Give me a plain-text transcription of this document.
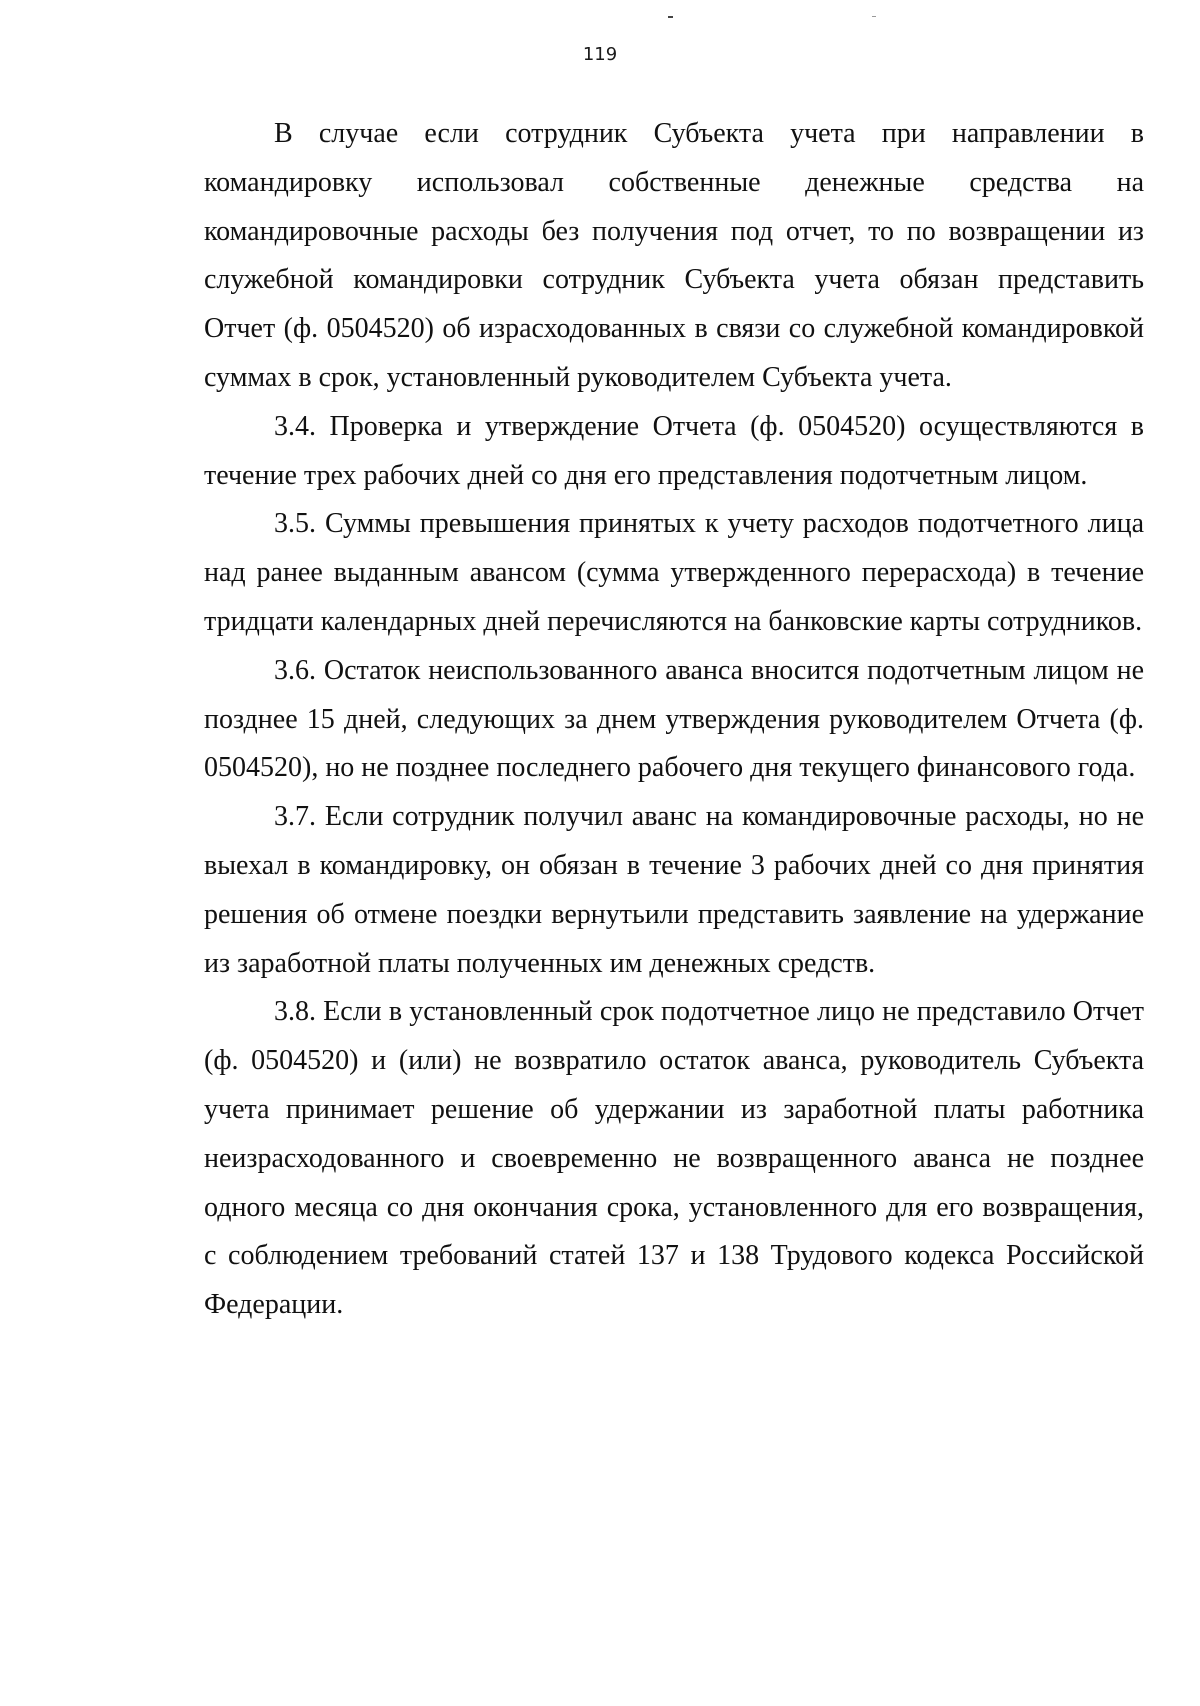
119

В случае если сотрудник Субъекта учета при направлении в командировку использовал собственные денежные средства на командировочные расходы без получения под отчет, то по возвращении из служебной командировки сотрудник Субъекта учета обязан представить Отчет (ф. 0504520) об израсходованных в связи со служебной командировкой суммах в срок, установленный руководителем Субъекта учета.

3.4. Проверка и утверждение Отчета (ф. 0504520) осуществляются в течение трех рабочих дней со дня его представления подотчетным лицом.

3.5. Суммы превышения принятых к учету расходов подотчетного лица над ранее выданным авансом (сумма утвержденного перерасхода) в течение тридцати календарных дней перечисляются на банковские карты сотрудников.

3.6. Остаток неиспользованного аванса вносится подотчетным лицом не позднее 15 дней, следующих за днем утверждения руководителем Отчета (ф. 0504520), но не позднее последнего рабочего дня текущего финансового года.

3.7. Если сотрудник получил аванс на командировочные расходы, но не выехал в командировку, он обязан в течение 3 рабочих дней со дня принятия решения об отмене поездки вернутьили представить заявление на удержание из заработной платы полученных им денежных средств.

3.8. Если в установленный срок подотчетное лицо не представило Отчет (ф. 0504520) и (или) не возвратило остаток аванса, руководитель Субъекта учета принимает решение об удержании из заработной платы работника неизрасходованного и своевременно не возвращенного аванса не позднее одного месяца со дня окончания срока, установленного для его возвращения, с соблюдением требований статей 137 и 138 Трудового кодекса Российской Федерации.
